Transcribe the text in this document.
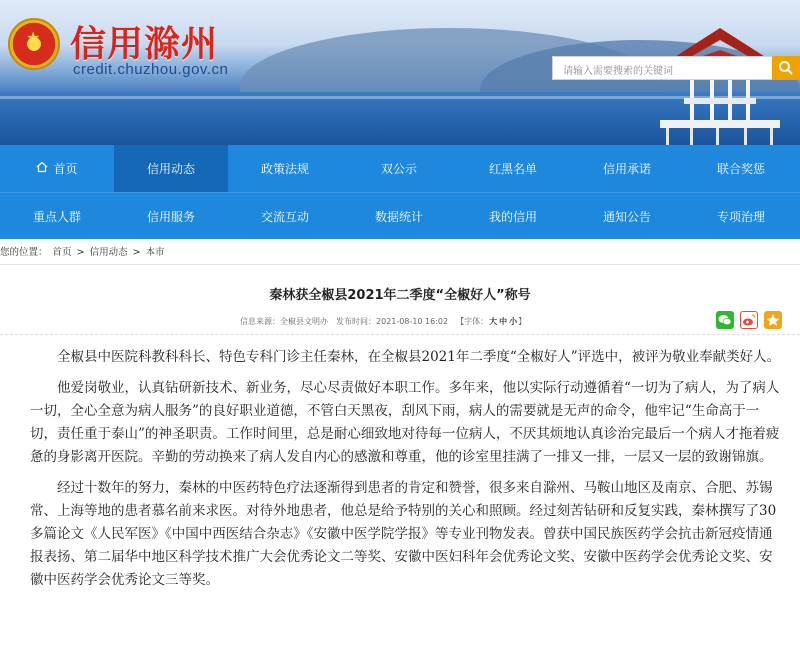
★ 信用滁州
credit.chuzhou.gov.cn	请输入需要搜索的关键词
首页	信用动态	政策法规	双公示	红黑名单	信用承诺	联合奖惩
重点人群	信用服务	交流互动	数据统计	我的信用	通知公告	专项治理
您的位置： 首页 > 信用动态 > 本市
秦林获全椒县2021年二季度“全椒好人”称号
信息来源：全椒县文明办 发布时间：2021-08-10 16:02 【字体：大 中 小】

全椒县中医院科教科科长、特色专科门诊主任秦林，在全椒县2021年二季度“全椒好人”评选中，被评为敬业奉献类好人。

他爱岗敬业，认真钻研新技术、新业务，尽心尽责做好本职工作。多年来，他以实际行动遵循着“一切为了病人，为了病人一切，全心全意为病人服务”的良好职业道德，不管白天黑夜，刮风下雨，病人的需要就是无声的命令，他牢记“生命高于一切，责任重于泰山”的神圣职责。工作时间里，总是耐心细致地对待每一位病人，不厌其烦地认真诊治完最后一个病人才拖着疲惫的身影离开医院。辛勤的劳动换来了病人发自内心的感激和尊重，他的诊室里挂满了一排又一排，一层又一层的致谢锦旗。

经过十数年的努力，秦林的中医药特色疗法逐渐得到患者的肯定和赞誉，很多来自滁州、马鞍山地区及南京、合肥、苏锡常、上海等地的患者慕名前来求医。对待外地患者，他总是给予特别的关心和照顾。经过刻苦钻研和反复实践，秦林撰写了30多篇论文《人民军医》《中国中西医结合杂志》《安徽中医学院学报》等专业刊物发表。曾获中国民族医药学会抗击新冠疫情通报表扬、第二届华中地区科学技术推广大会优秀论文二等奖、安徽中医妇科年会优秀论文奖、安徽中医药学会优秀论文奖、安徽中医药学会优秀论文三等奖。
